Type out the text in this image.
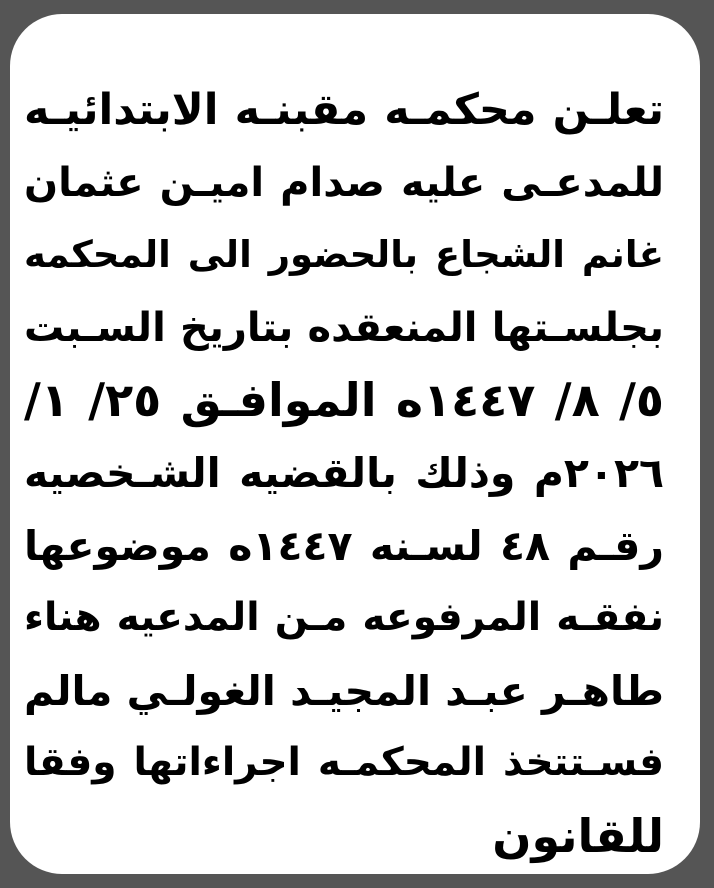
تعلـن محكمـه مقبنـه الابتدائيـه
للمدعـى عليه صدام اميـن عثمان
غانم الشجاع بالحضور الى المحكمه
بجلسـتها المنعقده بتاريخ السـبت
٥/ ٨/ ١٤٤٧ه الموافـق ٢٥/ ١/
٢٠٢٦م وذلك بالقضيه الشـخصيه
رقـم ٤٨ لسـنه ١٤٤٧ه موضوعها
نفقـه المرفوعه مـن المدعيه هناء
طاهـر عبـد المجيـد الغولـي مالم
فسـتتخذ المحكمـه اجراءاتها وفقا
للقانون
